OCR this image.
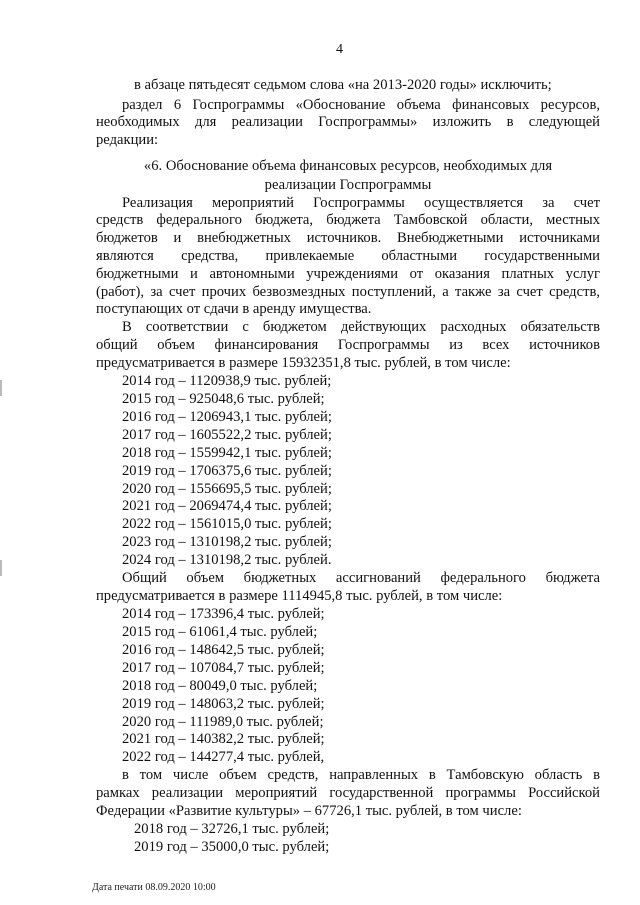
4
в абзаце пятьдесят седьмом слова «на 2013-2020 годы» исключить;
раздел 6 Госпрограммы «Обоснование объема финансовых ресурсов,
необходимых для реализации Госпрограммы» изложить в следующей
редакции:
«6. Обоснование объема финансовых ресурсов, необходимых для
реализации Госпрограммы
Реализация мероприятий Госпрограммы осуществляется за счет
средств федерального бюджета, бюджета Тамбовской области, местных
бюджетов и внебюджетных источников. Внебюджетными источниками
являются средства, привлекаемые областными государственными
бюджетными и автономными учреждениями от оказания платных услуг
(работ), за счет прочих безвозмездных поступлений, а также за счет средств,
поступающих от сдачи в аренду имущества.
В соответствии с бюджетом действующих расходных обязательств
общий объем финансирования Госпрограммы из всех источников
предусматривается в размере 15932351,8 тыс. рублей, в том числе:
2014 год – 1120938,9 тыс. рублей;
2015 год – 925048,6 тыс. рублей;
2016 год – 1206943,1 тыс. рублей;
2017 год – 1605522,2 тыс. рублей;
2018 год – 1559942,1 тыс. рублей;
2019 год – 1706375,6 тыс. рублей;
2020 год – 1556695,5 тыс. рублей;
2021 год – 2069474,4 тыс. рублей;
2022 год – 1561015,0 тыс. рублей;
2023 год – 1310198,2 тыс. рублей;
2024 год – 1310198,2 тыс. рублей.
Общий объем бюджетных ассигнований федерального бюджета
предусматривается в размере 1114945,8 тыс. рублей, в том числе:
2014 год – 173396,4 тыс. рублей;
2015 год – 61061,4 тыс. рублей;
2016 год – 148642,5 тыс. рублей;
2017 год – 107084,7 тыс. рублей;
2018 год – 80049,0 тыс. рублей;
2019 год – 148063,2 тыс. рублей;
2020 год – 111989,0 тыс. рублей;
2021 год – 140382,2 тыс. рублей;
2022 год – 144277,4 тыс. рублей,
в том числе объем средств, направленных в Тамбовскую область в
рамках реализации мероприятий государственной программы Российской
Федерации «Развитие культуры» – 67726,1 тыс. рублей, в том числе:
2018 год – 32726,1 тыс. рублей;
2019 год – 35000,0 тыс. рублей;
Дата печати 08.09.2020 10:00
